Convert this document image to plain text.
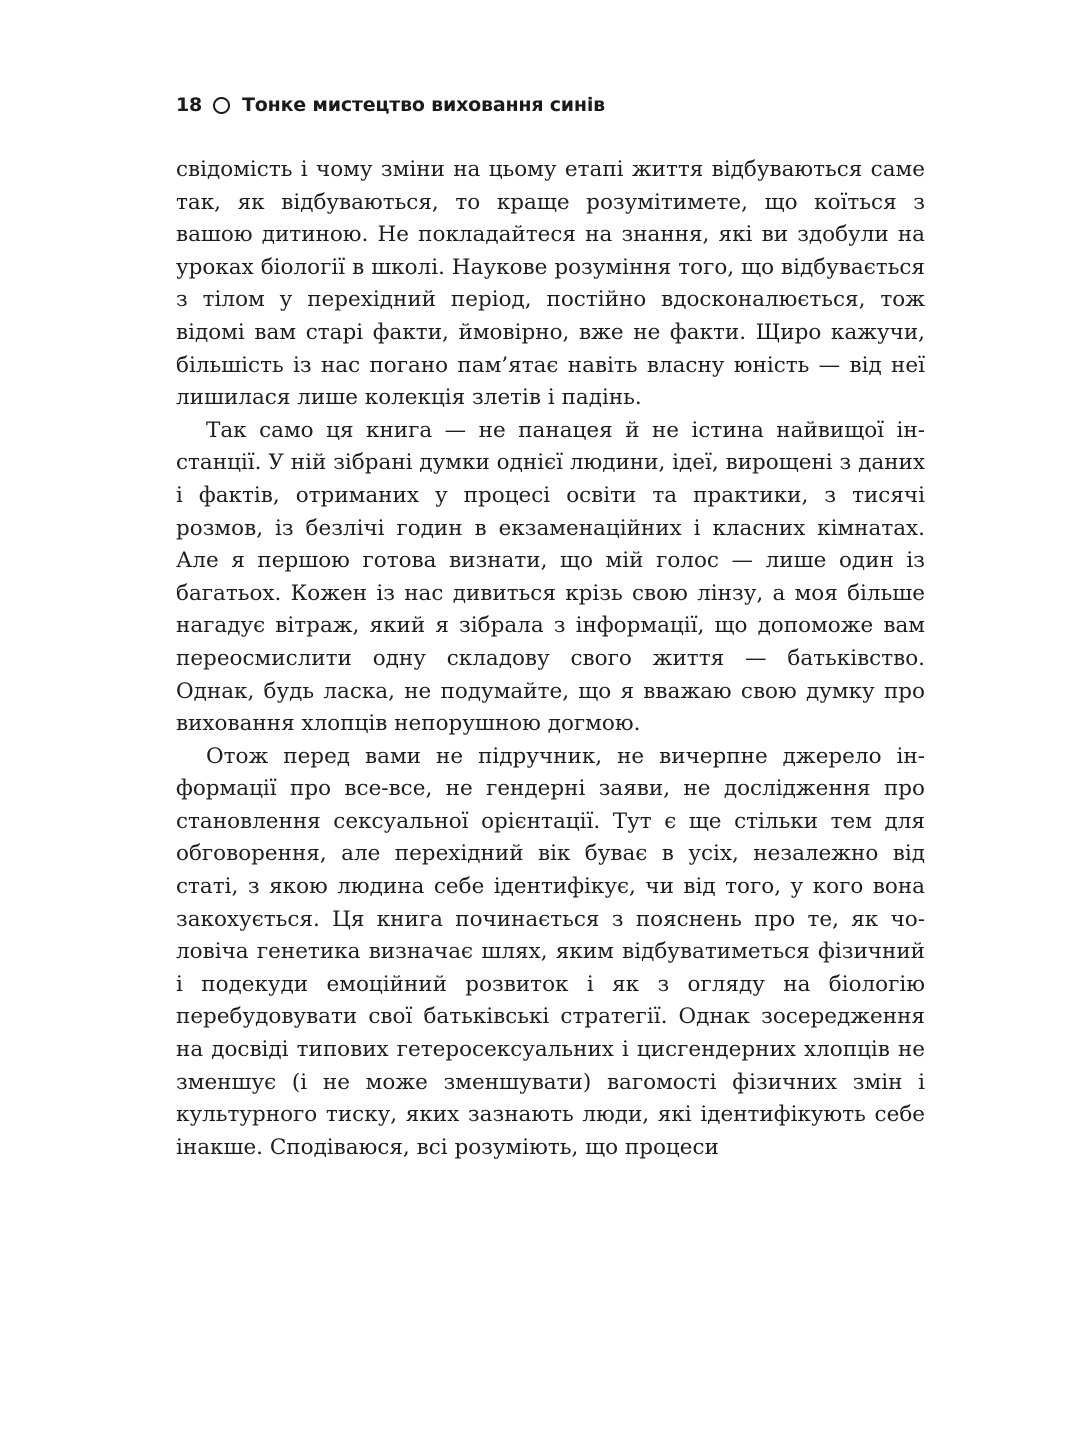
18 Тонке мистецтво виховання синів

свідомість і чому зміни на цьому етапі життя відбуваються саме так, як відбуваються, то краще розумітимете, що коїться з вашою дитиною. Не покладайтеся на знання, які ви здобули на уроках біології в школі. Наукове розуміння того, що відбувається з тілом у перехідний період, постійно вдосконалюється, тож відомі вам старі факти, ймовірно, вже не факти. Щиро кажучи, більшість із нас погано пам’ятає навіть власну юність — від неї лишилася лише колекція злетів і падінь.

Так само ця книга — не панацея й не істина найвищої інстанції. У ній зібрані думки однієї людини, ідеї, вирощені з даних і фактів, отриманих у процесі освіти та практики, з тисячі розмов, із безлічі годин в екзаменаційних і класних кімнатах. Але я першою готова визнати, що мій голос — лише один із багатьох. Кожен із нас дивиться крізь свою лінзу, а моя більше нагадує вітраж, який я зібрала з інформації, що допоможе вам переосмислити одну складову свого життя — батьківство. Однак, будь ласка, не подумайте, що я вважаю свою думку про виховання хлопців непорушною догмою.

Отож перед вами не підручник, не вичерпне джерело інформації про все-все, не гендерні заяви, не дослідження про становлення сексуальної орієнтації. Тут є ще стільки тем для обговорення, але перехідний вік буває в усіх, незалежно від статі, з якою людина себе ідентифікує, чи від того, у кого вона закохується. Ця книга починається з пояснень про те, як чоловіча генетика визначає шлях, яким відбуватиметься фізичний і подекуди емоційний розвиток і як з огляду на біологію перебудовувати свої батьківські стратегії. Однак зосередження на досвіді типових гетеросексуальних і цисгендерних хлопців не зменшує (і не може зменшувати) вагомості фізичних змін і культурного тиску, яких зазнають люди, які ідентифікують себе інакше. Сподіваюся, всі розуміють, що процеси
